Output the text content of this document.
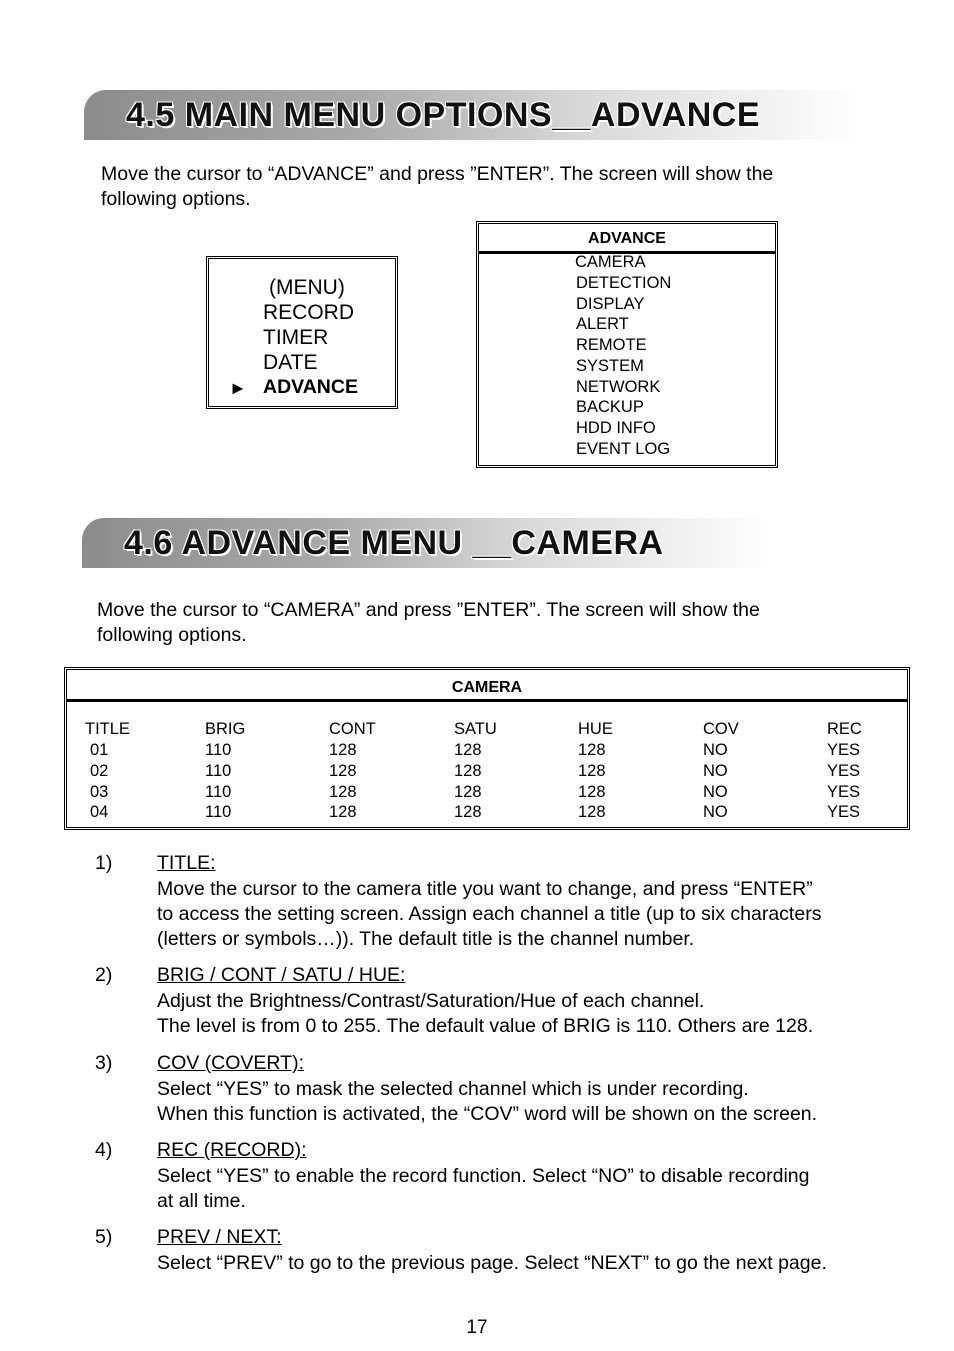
4.5 MAIN MENU OPTIONS__ADVANCE
Move the cursor to “ADVANCE” and press ”ENTER”. The screen will show the
following options.
(MENU)
RECORD
TIMER
DATE
► ADVANCE
ADVANCE
CAMERA
DETECTION
DISPLAY
ALERT
REMOTE
SYSTEM
NETWORK
BACKUP
HDD INFO
EVENT LOG
4.6 ADVANCE MENU __CAMERA
Move the cursor to “CAMERA” and press ”ENTER”. The screen will show the
following options.
CAMERA
TITLE	BRIG	CONT	SATU	HUE	COV	REC
01	110	128	128	128	NO	YES
02	110	128	128	128	NO	YES
03	110	128	128	128	NO	YES
04	110	128	128	128	NO	YES
1) TITLE:
Move the cursor to the camera title you want to change, and press “ENTER”
to access the setting screen. Assign each channel a title (up to six characters
(letters or symbols…)). The default title is the channel number.
2) BRIG / CONT / SATU / HUE:
Adjust the Brightness/Contrast/Saturation/Hue of each channel.
The level is from 0 to 255. The default value of BRIG is 110. Others are 128.
3) COV (COVERT):
Select “YES” to mask the selected channel which is under recording.
When this function is activated, the “COV” word will be shown on the screen.
4) REC (RECORD):
Select “YES” to enable the record function. Select “NO” to disable recording
at all time.
5) PREV / NEXT:
Select “PREV” to go to the previous page. Select “NEXT” to go the next page.
17
